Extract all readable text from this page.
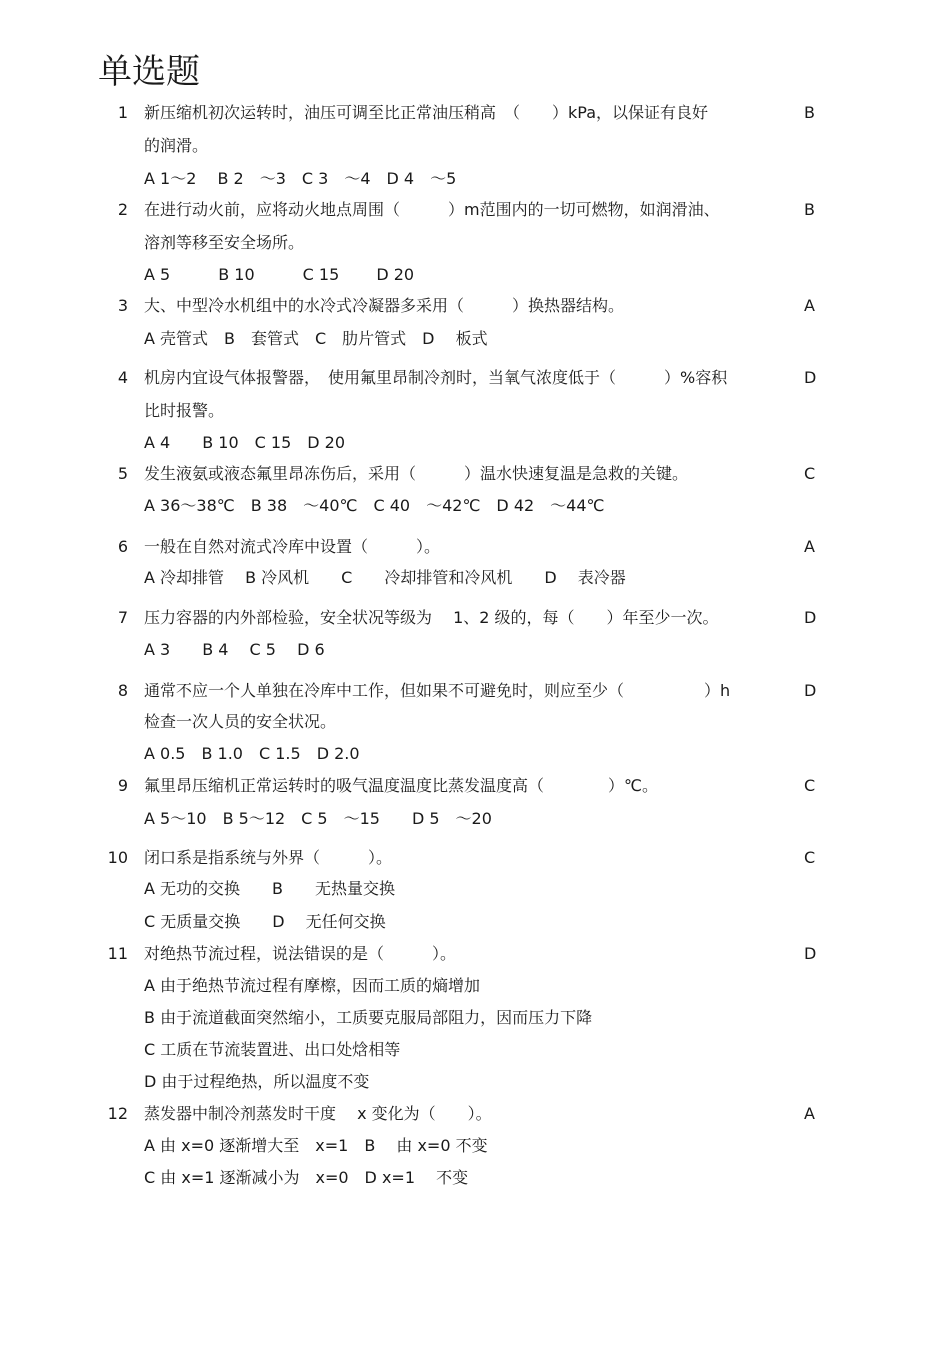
单选题
1 新压缩机初次运转时，油压可调至比正常油压稍高　（　　）kPa，以保证有良好
的润滑。
A 1～2　 B 2　～3　C 3　～4　D 4　～5
B
2 在进行动火前，应将动火地点周围（　　　）m范围内的一切可燃物，如润滑油、
溶剂等移至安全场所。
A 5　　　B 10　　　C 15　　 D 20
B
3 大、中型冷水机组中的水冷式冷凝器多采用（　　　）换热器结构。
A 壳管式　B　套管式　C　肋片管式　D　 板式
A
4 机房内宜设气体报警器，　使用氟里昂制冷剂时，当氧气浓度低于（　　　）%容积
比时报警。
A 4　　B 10　C 15　D 20
D
5 发生液氨或液态氟里昂冻伤后，采用（　　　）温水快速复温是急救的关键。
A 36～38℃　B 38　～40℃　C 40　～42℃　D 42　～44℃
C
6 一般在自然对流式冷库中设置（　　　）。
A 冷却排管　 B 冷风机　　C　　冷却排管和冷风机　　D　 表冷器
A
7 压力容器的内外部检验，安全状况等级为　 1、2 级的，每（　　）年至少一次。
A 3　　B 4　 C 5　 D 6
D
8 通常不应一个人单独在冷库中工作，但如果不可避免时，则应至少（　　　　　）h
检查一次人员的安全状况。
A 0.5　B 1.0　C 1.5　D 2.0
D
9 氟里昂压缩机正常运转时的吸气温度温度比蒸发温度高（　　　　）℃。
A 5～10　B 5～12　C 5　～15　　D 5　～20
C
10 闭口系是指系统与外界（　　　）。
A 无功的交换　　B　　无热量交换
C 无质量交换　　D　 无任何交换
C
11 对绝热节流过程，说法错误的是（　　　）。
A 由于绝热节流过程有摩檫，因而工质的熵增加
B 由于流道截面突然缩小，工质要克服局部阻力，因而压力下降
C 工质在节流装置进、出口处焓相等
D 由于过程绝热，所以温度不变
D
12 蒸发器中制冷剂蒸发时干度　 x 变化为（　　）。
A 由 x=0 逐渐增大至　x=1　B　 由 x=0 不变
C 由 x=1 逐渐减小为　x=0　D x=1　 不变
A
